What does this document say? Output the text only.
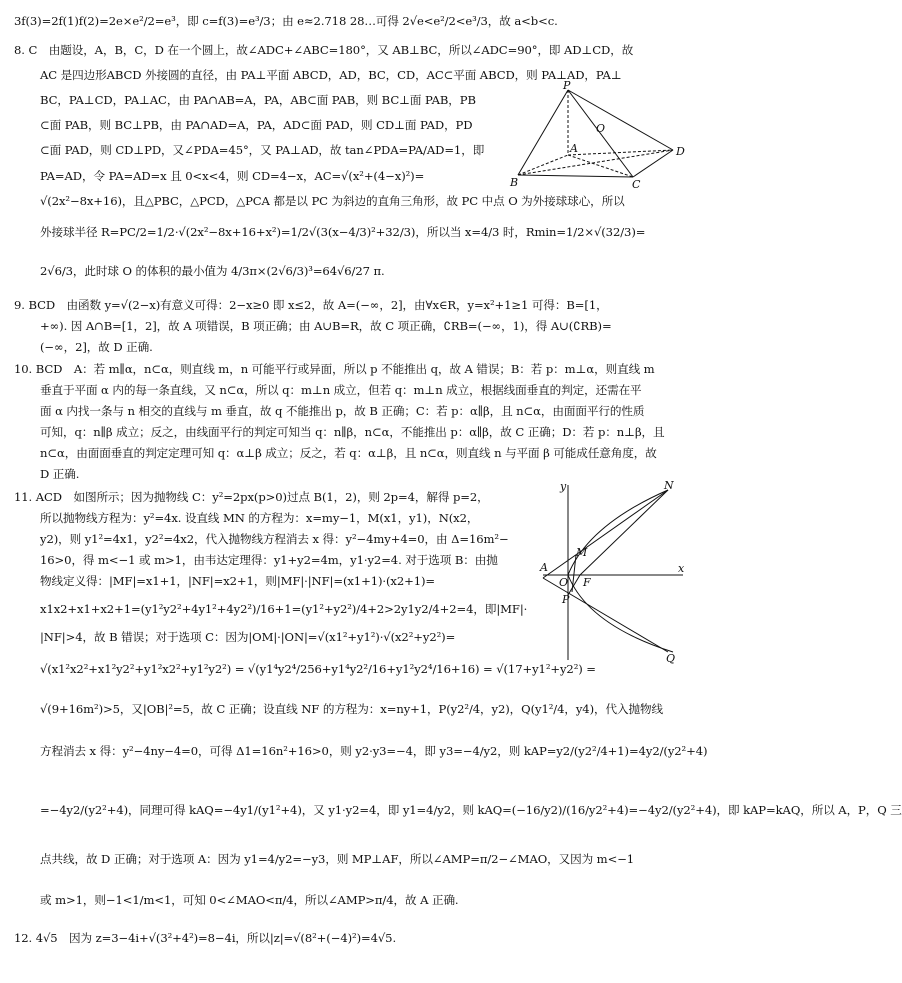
3f(3)=2f(1)f(2)=2e×e²/2=e³，即 c=f(3)=e³/3；由 e≈2.718 28…可得 2√e<e²/2<e³/3，故 a<b<c.
8. C　由题设，A，B，C，D 在一个圆上，故∠ADC+∠ABC=180°，又 AB⊥BC，所以∠ADC=90°，即 AD⊥CD，故
AC 是四边形ABCD 外接圆的直径，由 PA⊥平面 ABCD，AD，BC，CD，AC⊂平面 ABCD，则 PA⊥AD，PA⊥
BC，PA⊥CD，PA⊥AC，由 PA∩AB=A，PA，AB⊂面 PAB，则 BC⊥面 PAB，PB
⊂面 PAB，则 BC⊥PB，由 PA∩AD=A，PA，AD⊂面 PAD，则 CD⊥面 PAD，PD
⊂面 PAD，则 CD⊥PD，又∠PDA=45°，又 PA⊥AD，故 tan∠PDA=PA/AD=1，即
PA=AD，令 PA=AD=x 且 0<x<4，则 CD=4−x，AC=√(x²+(4−x)²)=
√(2x²−8x+16)，且△PBC，△PCD，△PCA 都是以 PC 为斜边的直角三角形，故 PC 中点 O 为外接球球心，所以
外接球半径 R=PC/2=1/2·√(2x²−8x+16+x²)=1/2√(3(x−4/3)²+32/3)，所以当 x=4/3 时，Rmin=1/2×√(32/3)=
2√6/3，此时球 O 的体积的最小值为 4/3π×(2√6/3)³=64√6/27 π.
9. BCD　由函数 y=√(2−x)有意义可得：2−x≥0 即 x≤2，故 A=(−∞，2]，由∀x∈R，y=x²+1≥1 可得：B=[1，
+∞). 因 A∩B=[1，2]，故 A 项错误，B 项正确；由 A∪B=R，故 C 项正确，∁RB=(−∞，1)，得 A∪(∁RB)=
(−∞，2]，故 D 正确.
10. BCD　A：若 m∥α，n⊂α，则直线 m，n 可能平行或异面，所以 p 不能推出 q，故 A 错误；B：若 p：m⊥α，则直线 m
垂直于平面 α 内的每一条直线，又 n⊂α，所以 q：m⊥n 成立，但若 q：m⊥n 成立，根据线面垂直的判定，还需在平
面 α 内找一条与 n 相交的直线与 m 垂直，故 q 不能推出 p，故 B 正确；C：若 p：α∥β，且 n⊂α，由面面平行的性质
可知，q：n∥β 成立；反之，由线面平行的判定可知当 q：n∥β，n⊂α，不能推出 p：α∥β，故 C 正确；D：若 p：n⊥β，且
n⊂α，由面面垂直的判定定理可知 q：α⊥β 成立；反之，若 q：α⊥β，且 n⊂α，则直线 n 与平面 β 可能成任意角度，故
D 正确.
11. ACD　如图所示；因为抛物线 C：y²=2px(p>0)过点 B(1，2)，则 2p=4，解得 p=2，
所以抛物线方程为：y²=4x. 设直线 MN 的方程为：x=my−1，M(x1，y1)，N(x2，
y2)，则 y1²=4x1，y2²=4x2，代入抛物线方程消去 x 得：y²−4my+4=0，由 Δ=16m²−
16>0，得 m<−1 或 m>1，由韦达定理得：y1+y2=4m，y1·y2=4. 对于选项 B：由抛
物线定义得：|MF|=x1+1，|NF|=x2+1，则|MF|·|NF|=(x1+1)·(x2+1)=
x1x2+x1+x2+1=(y1²y2²+4y1²+4y2²)/16+1=(y1²+y2²)/4+2>2y1y2/4+2=4，即|MF|·
|NF|>4，故 B 错误；对于选项 C：因为|OM|·|ON|=√(x1²+y1²)·√(x2²+y2²)=
√(x1²x2²+x1²y2²+y1²x2²+y1²y2²) = √(y1⁴y2⁴/256+y1⁴y2²/16+y1²y2⁴/16+16) = √(17+y1²+y2²) =
√(9+16m²)>5，又|OB|²=5，故 C 正确；设直线 NF 的方程为：x=ny+1，P(y2²/4，y2)，Q(y1²/4，y4)，代入抛物线
方程消去 x 得：y²−4ny−4=0，可得 Δ1=16n²+16>0，则 y2·y3=−4，即 y3=−4/y2，则 kAP=y2/(y2²/4+1)=4y2/(y2²+4)
=−4y2/(y2²+4)，同理可得 kAQ=−4y1/(y1²+4)，又 y1·y2=4，即 y1=4/y2，则 kAQ=(−16/y2)/(16/y2²+4)=−4y2/(y2²+4)，即 kAP=kAQ，所以 A，P，Q 三
点共线，故 D 正确；对于选项 A：因为 y1=4/y2=−y3，则 MP⊥AF，所以∠AMP=π/2−∠MAO，又因为 m<−1
或 m>1，则−1<1/m<1，可知 0<∠MAO<π/4，所以∠AMP>π/4，故 A 正确.
12. 4√5　因为 z=3−4i+√(3²+4²)=8−4i，所以|z|=√(8²+(−4)²)=4√5.
P
O
A
B	C
D
y
x
N
M
A
O F
P
Q
